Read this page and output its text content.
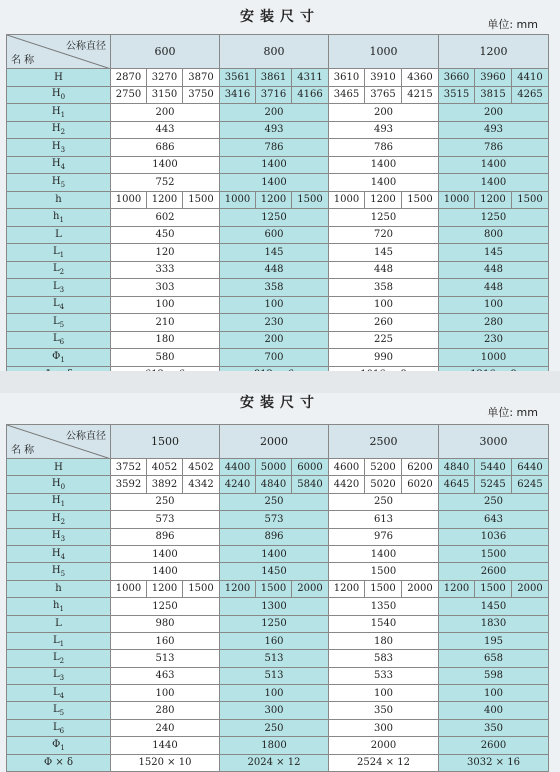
安装尺寸	单位: mm
公称直径
名 称	600			800			1000			1200		
H	2870	3270	3870	3561	3861	4311	3610	3910	4360	3660	3960	4410
$H_0$	2750	3150	3750	3416	3716	4166	3465	3765	4215	3515	3815	4265
$H_1$	200			200			200			200		
$H_2$	443			493			493			493		
$H_3$	686			786			786			786		
$H_4$	1400			1400			1400			1400		
$H_5$	752			1400			1400			1400		
h	1000	1200	1500	1000	1200	1500	1000	1200	1500	1000	1200	1500
$h_1$	602			1250			1250			1250		
L	450			600			720			800		
$L_1$	120			145			145			145		
$L_2$	333			448			448			448		
$L_3$	303			358			358			448		
$L_4$	100			100			100			100		
$L_5$	210			230			260			280		
$L_6$	180			200			225			230		
$\Phi_1$	580			700			990			1000		

安装尺寸
单位: mm
公称直径
名 称	1500			2000			2500			3000		
H	3752	4052	4502	4400	5000	6000	4600	5200	6200	4840	5440	6440
$H_0$	3592	3892	4342	4240	4840	5840	4420	5020	6020	4645	5245	6245
$H_1$	250			250			250			250		
$H_2$	573			573			613			643		
$H_3$	896			896			976			1036		
$H_4$	1400			1400			1400			1500		
$H_5$	1400			1450			1500			2600		
h	1000	1200	1500	1200	1500	2000	1200	1500	2000	1200	1500	2000
$h_1$	1250			1300			1350			1450		
L	980			1250			1540			1830		
$L_1$	160			160			180			195		
$L_2$	513			513			583			658		
$L_3$	463			513			533			598		
$L_4$	100			100			100			100		
$L_5$	280			300			350			400		
$L_6$	240			250			300			350		
$\Phi_1$	1440			1800			2000			2600		
Φ × δ	1520 × 10			2024 × 12			2524 × 12			3032 × 16		
